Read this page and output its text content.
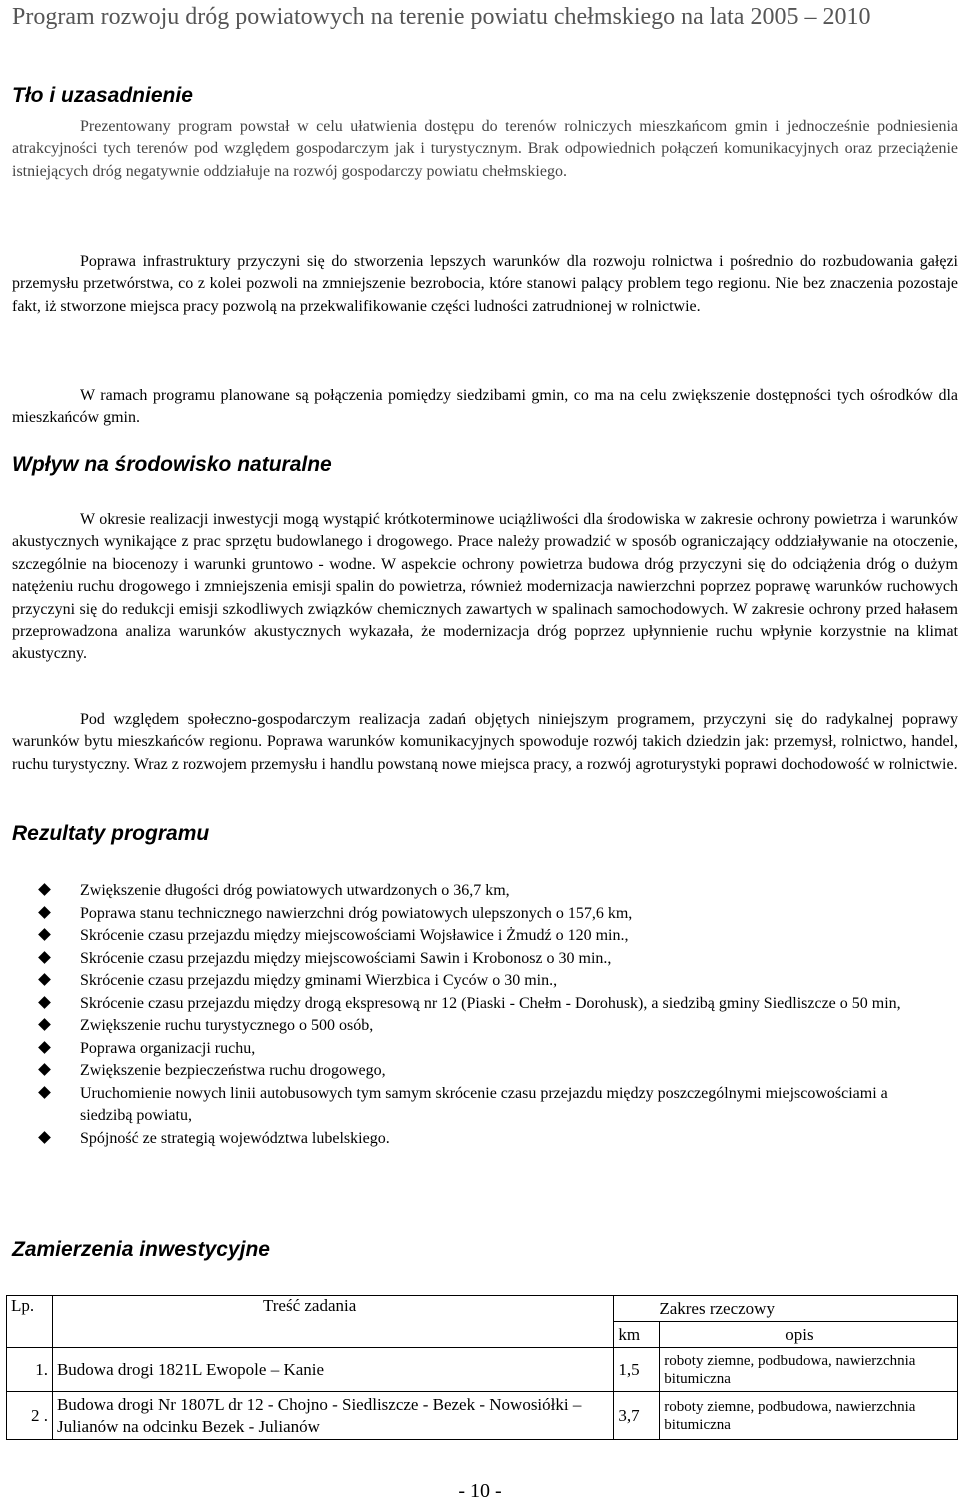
Program rozwoju dróg powiatowych na terenie powiatu chełmskiego na lata 2005 – 2010
Tło i uzasadnienie

Prezentowany program powstał w celu ułatwienia dostępu do terenów rolniczych mieszkańcom gmin i jednocześnie podniesienia atrakcyjności tych terenów pod względem gospodarczym jak i turystycznym. Brak odpowiednich połączeń komunikacyjnych oraz przeciążenie istniejących dróg negatywnie oddziałuje na rozwój gospodarczy powiatu chełmskiego.

Poprawa infrastruktury przyczyni się do stworzenia lepszych warunków dla rozwoju rolnictwa i pośrednio do rozbudowania gałęzi przemysłu przetwórstwa, co z kolei pozwoli na zmniejszenie bezrobocia, które stanowi palący problem tego regionu. Nie bez znaczenia pozostaje fakt, iż stworzone miejsca pracy pozwolą na przekwalifikowanie części ludności zatrudnionej w rolnictwie.

W ramach programu planowane są połączenia pomiędzy siedzibami gmin, co ma na celu zwiększenie dostępności tych ośrodków dla mieszkańców gmin.

Wpływ na środowisko naturalne

W okresie realizacji inwestycji mogą wystąpić krótkoterminowe uciążliwości dla środowiska w zakresie ochrony powietrza i warunków akustycznych wynikające z prac sprzętu budowlanego i drogowego. Prace należy prowadzić w sposób ograniczający oddziaływanie na otoczenie, szczególnie na biocenozy i warunki gruntowo - wodne. W aspekcie ochrony powietrza budowa dróg przyczyni się do odciążenia dróg o dużym natężeniu ruchu drogowego i zmniejszenia emisji spalin do powietrza, również modernizacja nawierzchni poprzez poprawę warunków ruchowych przyczyni się do redukcji emisji szkodliwych związków chemicznych zawartych w spalinach samochodowych. W zakresie ochrony przed hałasem przeprowadzona analiza warunków akustycznych wykazała, że modernizacja dróg poprzez upłynnienie ruchu wpłynie korzystnie na klimat akustyczny.

Pod względem społeczno-gospodarczym realizacja zadań objętych niniejszym programem, przyczyni się do radykalnej poprawy warunków bytu mieszkańców regionu. Poprawa warunków komunikacyjnych spowoduje rozwój takich dziedzin jak: przemysł, rolnictwo, handel, ruchu turystyczny. Wraz z rozwojem przemysłu i handlu powstaną nowe miejsca pracy, a rozwój agroturystyki poprawi dochodowość w rolnictwie.

Rezultaty programu
Zwiększenie długości dróg powiatowych utwardzonych o 36,7 km,
Poprawa stanu technicznego nawierzchni dróg powiatowych ulepszonych o 157,6 km,
Skrócenie czasu przejazdu między miejscowościami Wojsławice i Żmudź o 120 min.,
Skrócenie czasu przejazdu między miejscowościami Sawin i Krobonosz o 30 min.,
Skrócenie czasu przejazdu między gminami Wierzbica i Cyców o 30 min.,
Skrócenie czasu przejazdu między drogą ekspresową nr 12 (Piaski - Chełm - Dorohusk), a siedzibą gminy Siedliszcze o 50 min,
Zwiększenie ruchu turystycznego o 500 osób,
Poprawa organizacji ruchu,
Zwiększenie bezpieczeństwa ruchu drogowego,
Uruchomienie nowych linii autobusowych tym samym skrócenie czasu przejazdu między poszczególnymi miejscowościami a siedzibą powiatu,
Spójność ze strategią województwa lubelskiego.
Zamierzenia inwestycyjne
Lp.	Treść zadania	Zakres rzeczowy	
		km	opis
1.	Budowa drogi 1821L Ewopole – Kanie	1,5	roboty ziemne, podbudowa, nawierzchnia bitumiczna
2 .	Budowa drogi Nr 1807L dr 12 - Chojno - Siedliszcze - Bezek - Nowosiółki – Julianów na odcinku Bezek - Julianów	3,7	roboty ziemne, podbudowa, nawierzchnia bitumiczna
- 10 -
